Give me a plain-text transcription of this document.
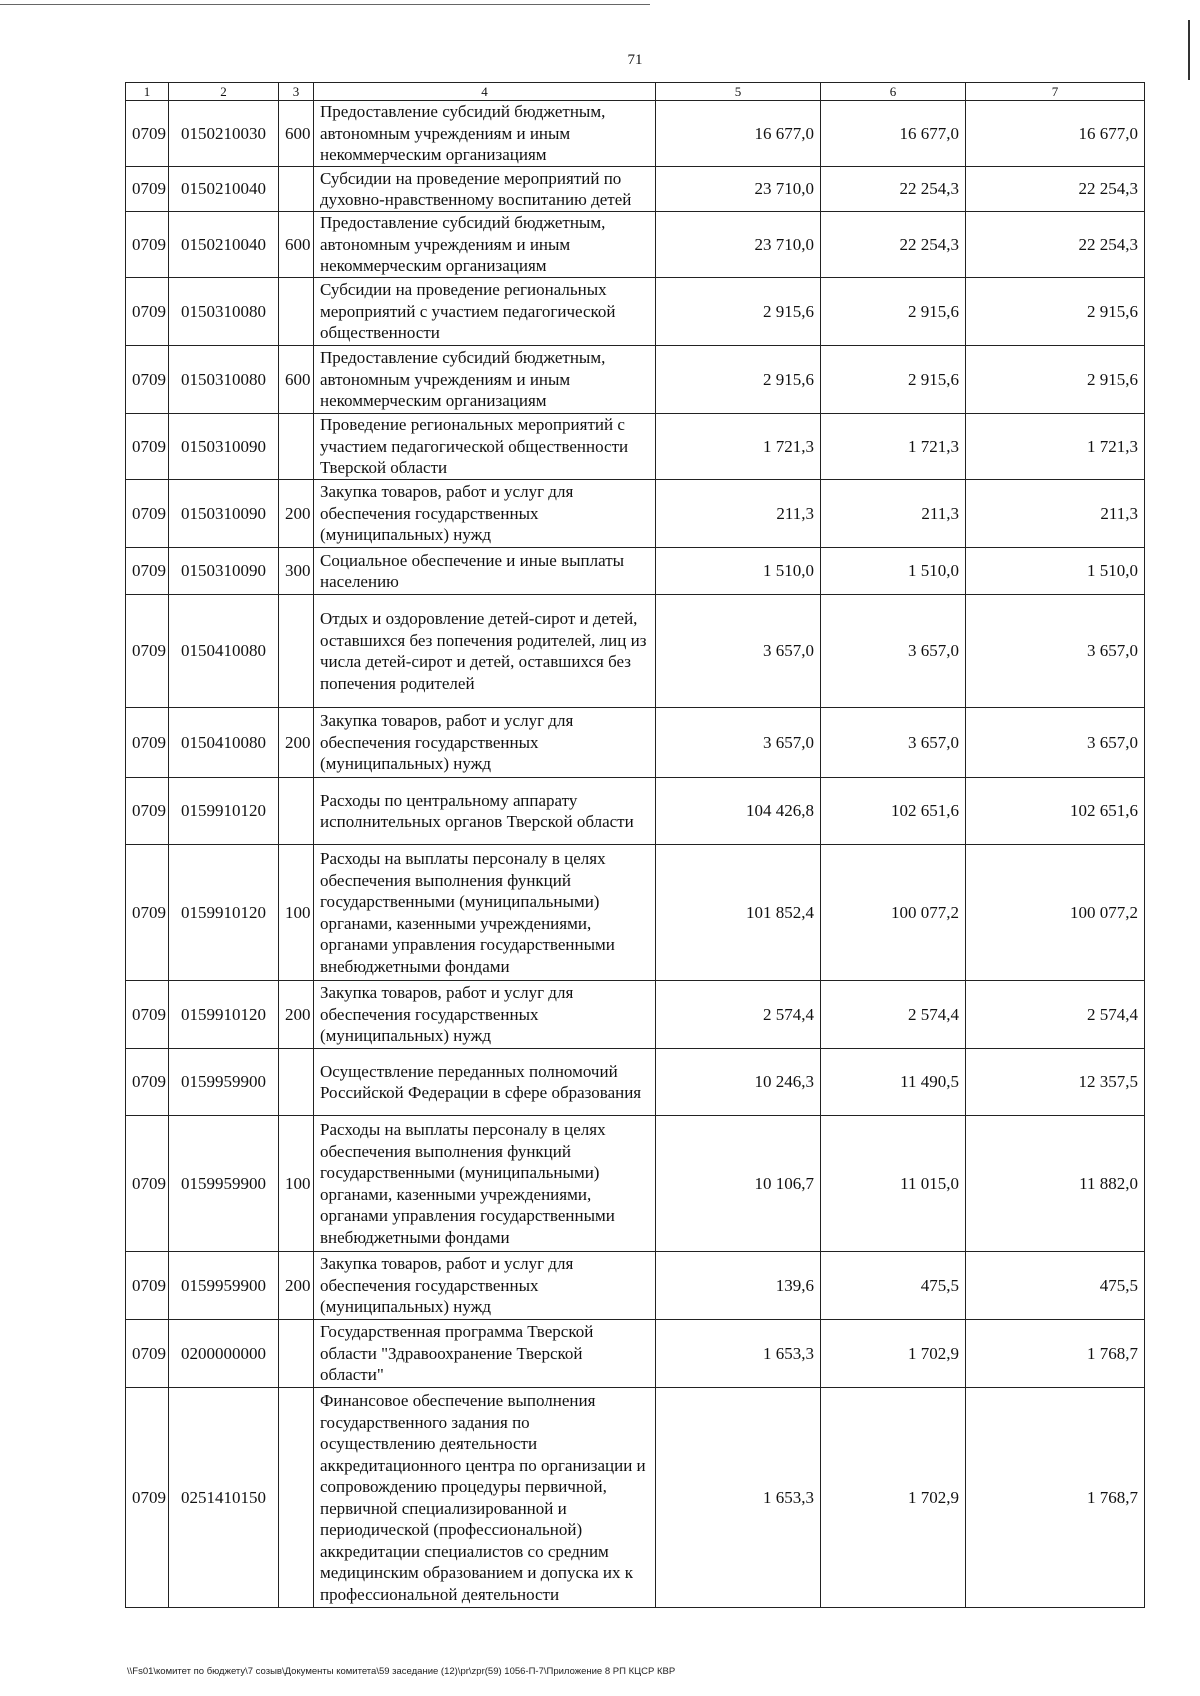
71
1	2	3	4	5	6	7
0709	0150210030	600	Предоставление субсидий бюджетным, автономным учреждениям и иным некоммерческим организациям	16 677,0	16 677,0	16 677,0
0709	0150210040		Субсидии на проведение мероприятий по духовно-нравственному воспитанию детей	23 710,0	22 254,3	22 254,3
0709	0150210040	600	Предоставление субсидий бюджетным, автономным учреждениям и иным некоммерческим организациям	23 710,0	22 254,3	22 254,3
0709	0150310080		Субсидии на проведение региональных мероприятий с участием педагогической общественности	2 915,6	2 915,6	2 915,6
0709	0150310080	600	Предоставление субсидий бюджетным, автономным учреждениям и иным некоммерческим организациям	2 915,6	2 915,6	2 915,6
0709	0150310090		Проведение региональных мероприятий с участием педагогической общественности Тверской области	1 721,3	1 721,3	1 721,3
0709	0150310090	200	Закупка товаров, работ и услуг для обеспечения государственных (муниципальных) нужд	211,3	211,3	211,3
0709	0150310090	300	Социальное обеспечение и иные выплаты населению	1 510,0	1 510,0	1 510,0
0709	0150410080		Отдых и оздоровление детей-сирот и детей, оставшихся без попечения родителей, лиц из числа детей-сирот и детей, оставшихся без попечения родителей	3 657,0	3 657,0	3 657,0
0709	0150410080	200	Закупка товаров, работ и услуг для обеспечения государственных (муниципальных) нужд	3 657,0	3 657,0	3 657,0
0709	0159910120		Расходы по центральному аппарату исполнительных органов Тверской области	104 426,8	102 651,6	102 651,6
0709	0159910120	100	Расходы на выплаты персоналу в целях обеспечения выполнения функций государственными (муниципальными) органами, казенными учреждениями, органами управления государственными внебюджетными фондами	101 852,4	100 077,2	100 077,2
0709	0159910120	200	Закупка товаров, работ и услуг для обеспечения государственных (муниципальных) нужд	2 574,4	2 574,4	2 574,4
0709	0159959900		Осуществление переданных полномочий Российской Федерации в сфере образования	10 246,3	11 490,5	12 357,5
0709	0159959900	100	Расходы на выплаты персоналу в целях обеспечения выполнения функций государственными (муниципальными) органами, казенными учреждениями, органами управления государственными внебюджетными фондами	10 106,7	11 015,0	11 882,0
0709	0159959900	200	Закупка товаров, работ и услуг для обеспечения государственных (муниципальных) нужд	139,6	475,5	475,5
0709	0200000000		Государственная программа Тверской области "Здравоохранение Тверской области"	1 653,3	1 702,9	1 768,7
0709	0251410150		Финансовое обеспечение выполнения государственного задания по осуществлению деятельности аккредитационного центра по организации и сопровождению процедуры первичной, первичной специализированной и периодической (профессиональной) аккредитации специалистов со средним медицинским образованием и допуска их к профессиональной деятельности	1 653,3	1 702,9	1 768,7
\\Fs01\комитет по бюджету\7 созыв\Документы комитета\59 заседание (12)\pr\zpr(59) 1056-П-7\Приложение 8 РП КЦСР КВР
